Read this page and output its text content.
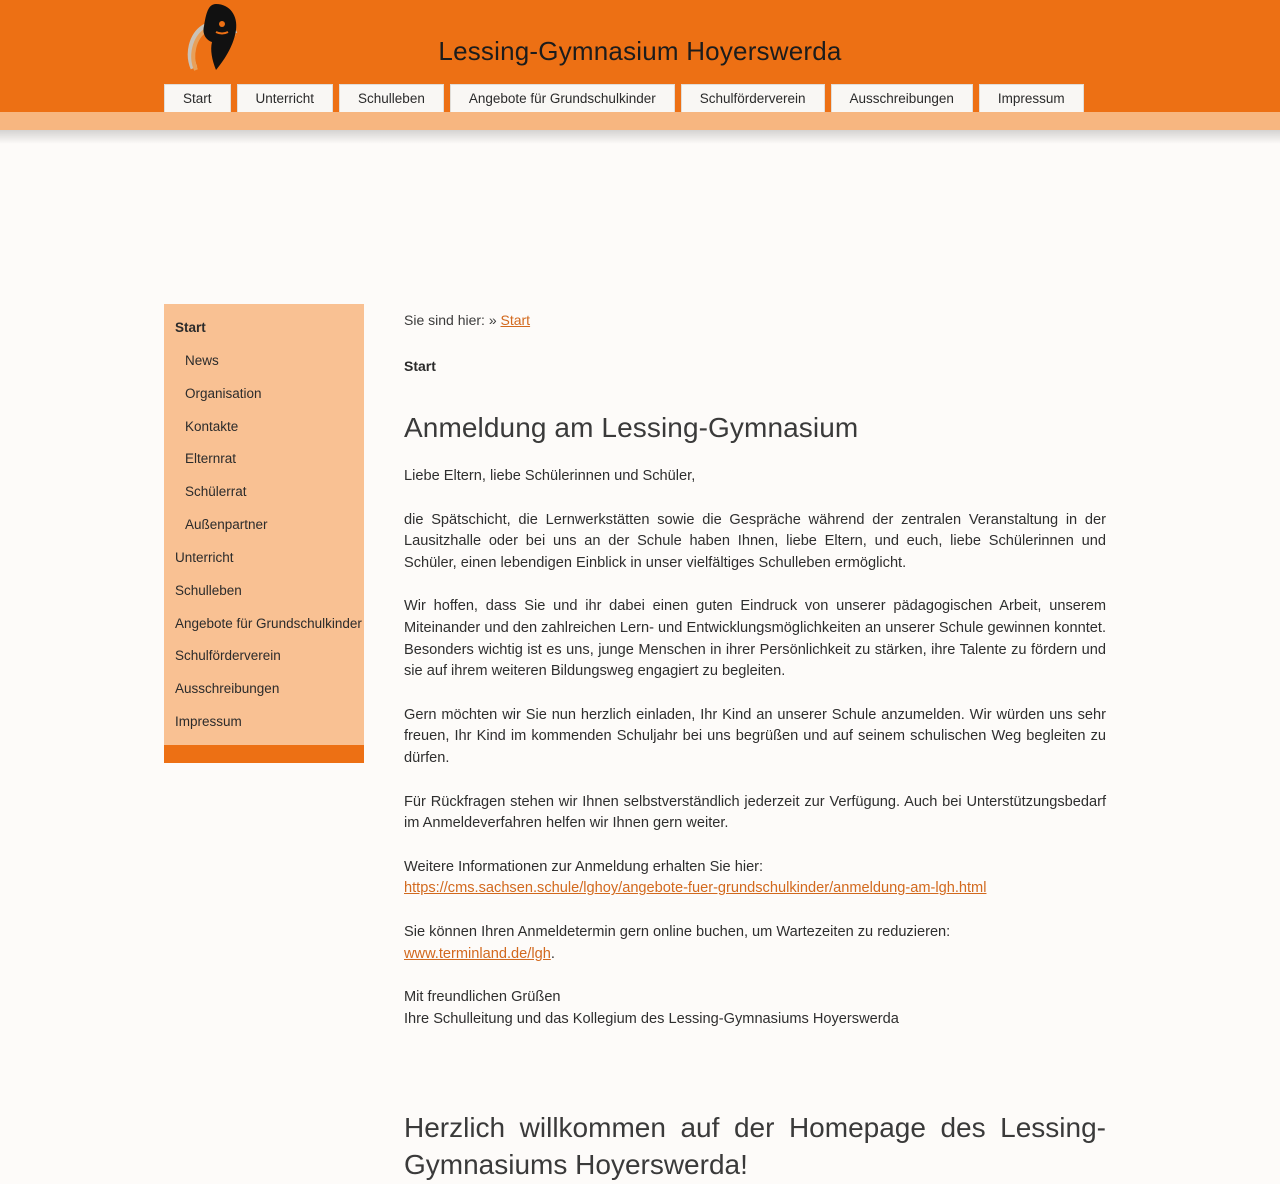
Lessing-Gymnasium Hoyerswerda
Start	Unterricht	Schulleben	Angebote für Grundschulkinder	Schulförderverein	Ausschreibungen	Impressum
Start
News
Organisation
Kontakte
Elternrat
Schülerrat
Außenpartner
Unterricht
Schulleben
Angebote für Grundschulkinder
Schulförderverein
Ausschreibungen
Impressum
Sie sind hier: » Start
Start
Anmeldung am Lessing-Gymnasium

Liebe Eltern, liebe Schülerinnen und Schüler,

die Spätschicht, die Lernwerkstätten sowie die Gespräche während der zentralen Veranstaltung in der Lausitzhalle oder bei uns an der Schule haben Ihnen, liebe Eltern, und euch, liebe Schülerinnen und Schüler, einen lebendigen Einblick in unser vielfältiges Schulleben ermöglicht.

Wir hoffen, dass Sie und ihr dabei einen guten Eindruck von unserer pädagogischen Arbeit, unserem Miteinander und den zahlreichen Lern- und Entwicklungsmöglichkeiten an unserer Schule gewinnen konntet. Besonders wichtig ist es uns, junge Menschen in ihrer Persönlichkeit zu stärken, ihre Talente zu fördern und sie auf ihrem weiteren Bildungsweg engagiert zu begleiten.

Gern möchten wir Sie nun herzlich einladen, Ihr Kind an unserer Schule anzumelden. Wir würden uns sehr freuen, Ihr Kind im kommenden Schuljahr bei uns begrüßen und auf seinem schulischen Weg begleiten zu dürfen.

Für Rückfragen stehen wir Ihnen selbstverständlich jederzeit zur Verfügung. Auch bei Unterstützungsbedarf im Anmeldeverfahren helfen wir Ihnen gern weiter.

Weitere Informationen zur Anmeldung erhalten Sie hier:
https://cms.sachsen.schule/lghoy/angebote-fuer-grundschulkinder/anmeldung-am-lgh.html

Sie können Ihren Anmeldetermin gern online buchen, um Wartezeiten zu reduzieren:
www.terminland.de/lgh.

Mit freundlichen Grüßen
Ihre Schulleitung und das Kollegium des Lessing-Gymnasiums Hoyerswerda

Herzlich willkommen auf der Homepage des Lessing-Gymnasiums Hoyerswerda!
